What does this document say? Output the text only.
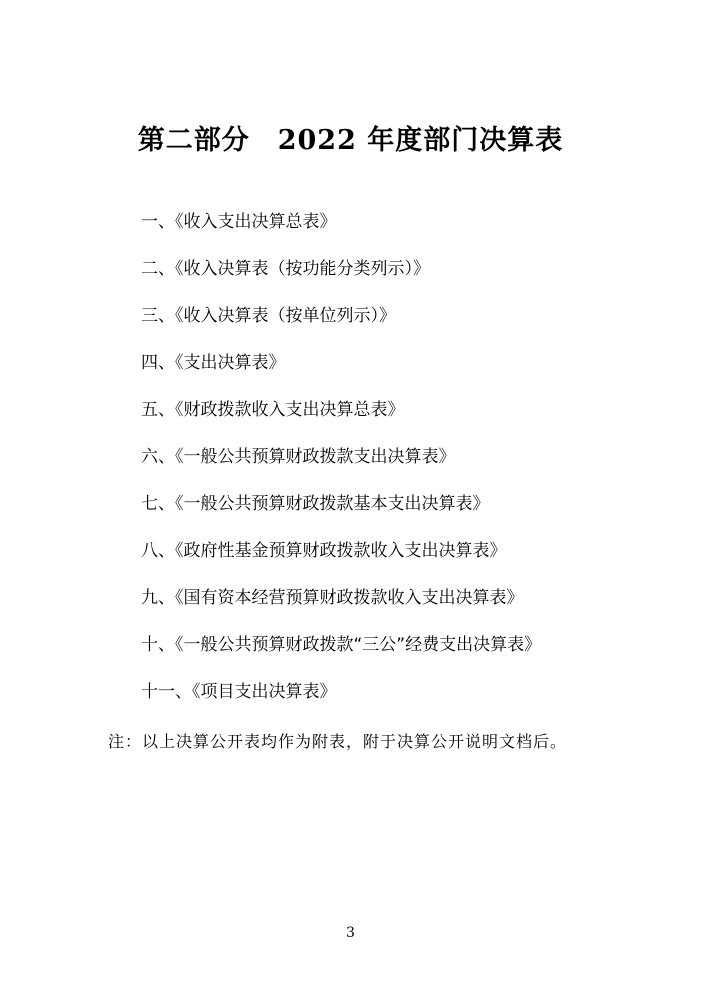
第二部分　2022 年度部门决算表
一、《收入支出决算总表》
二、《收入决算表（按功能分类列示）》
三、《收入决算表（按单位列示）》
四、《支出决算表》
五、《财政拨款收入支出决算总表》
六、《一般公共预算财政拨款支出决算表》
七、《一般公共预算财政拨款基本支出决算表》
八、《政府性基金预算财政拨款收入支出决算表》
九、《国有资本经营预算财政拨款收入支出决算表》
十、《一般公共预算财政拨款“三公”经费支出决算表》
十一、《项目支出决算表》
注：以上决算公开表均作为附表，附于决算公开说明文档后。
3
